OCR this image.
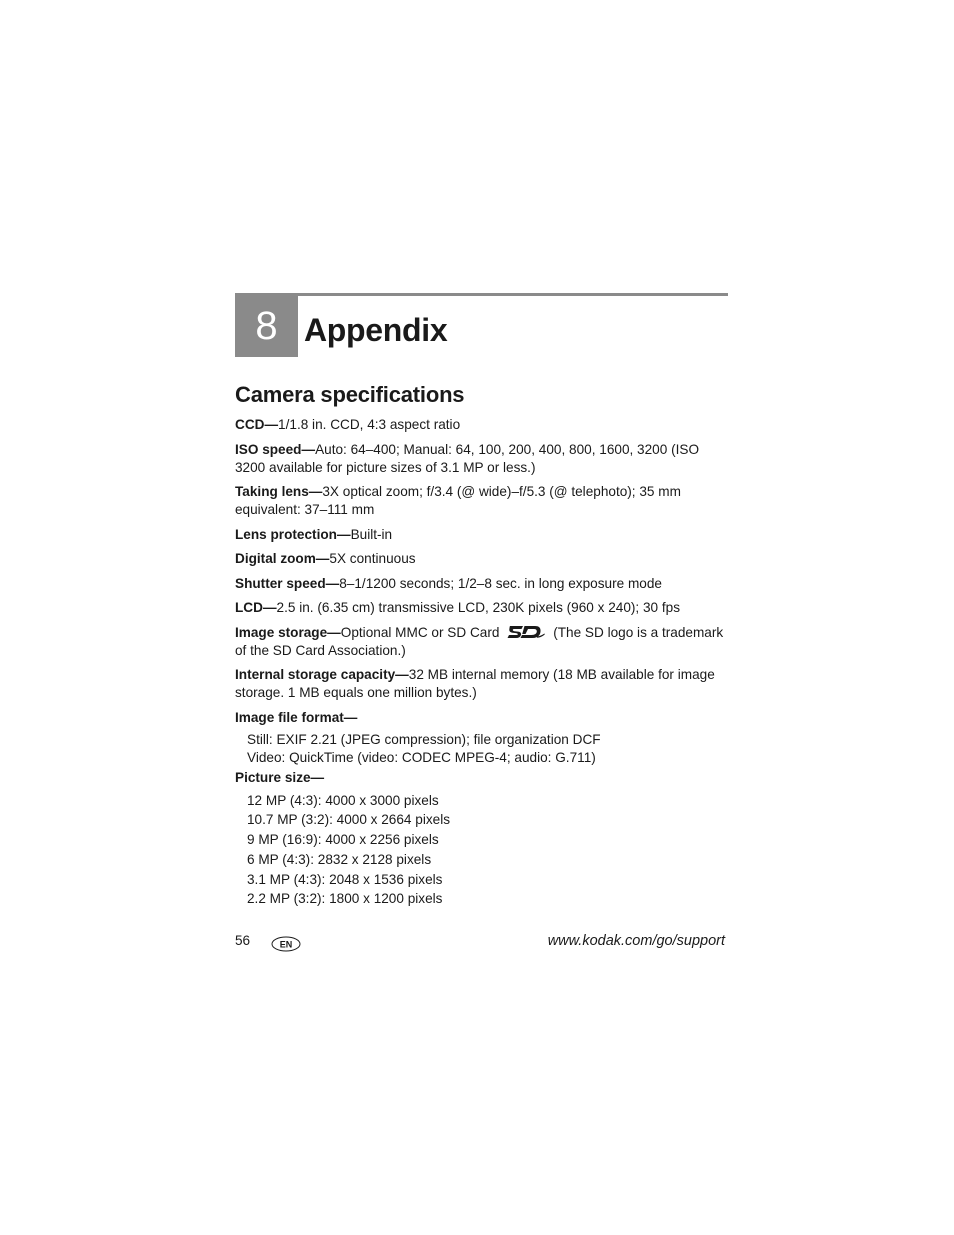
8 Appendix
Camera specifications

CCD—1/1.8 in. CCD, 4:3 aspect ratio

ISO speed—Auto: 64–400; Manual: 64, 100, 200, 400, 800, 1600, 3200 (ISO 3200 available for picture sizes of 3.1 MP or less.)

Taking lens—3X optical zoom; f/3.4 (@ wide)–f/5.3 (@ telephoto); 35 mm equivalent: 37–111 mm

Lens protection—Built-in

Digital zoom—5X continuous

Shutter speed—8–1/1200 seconds; 1/2–8 sec. in long exposure mode

LCD—2.5 in. (6.35 cm) transmissive LCD, 230K pixels (960 x 240); 30 fps

Image storage—Optional MMC or SD Card	(The SD logo is a trademark of the SD Card Association.)

Internal storage capacity—32 MB internal memory (18 MB available for image storage. 1 MB equals one million bytes.)

Image file format—
Still: EXIF 2.21 (JPEG compression); file organization DCF
Video: QuickTime (video: CODEC MPEG-4; audio: G.711)
Picture size—
12 MP (4:3): 4000 x 3000 pixels
10.7 MP (3:2): 4000 x 2664 pixels
9 MP (16:9): 4000 x 2256 pixels
6 MP (4:3): 2832 x 2128 pixels
3.1 MP (4:3): 2048 x 1536 pixels
2.2 MP (3:2): 1800 x 1200 pixels
56	EN	www.kodak.com/go/support
